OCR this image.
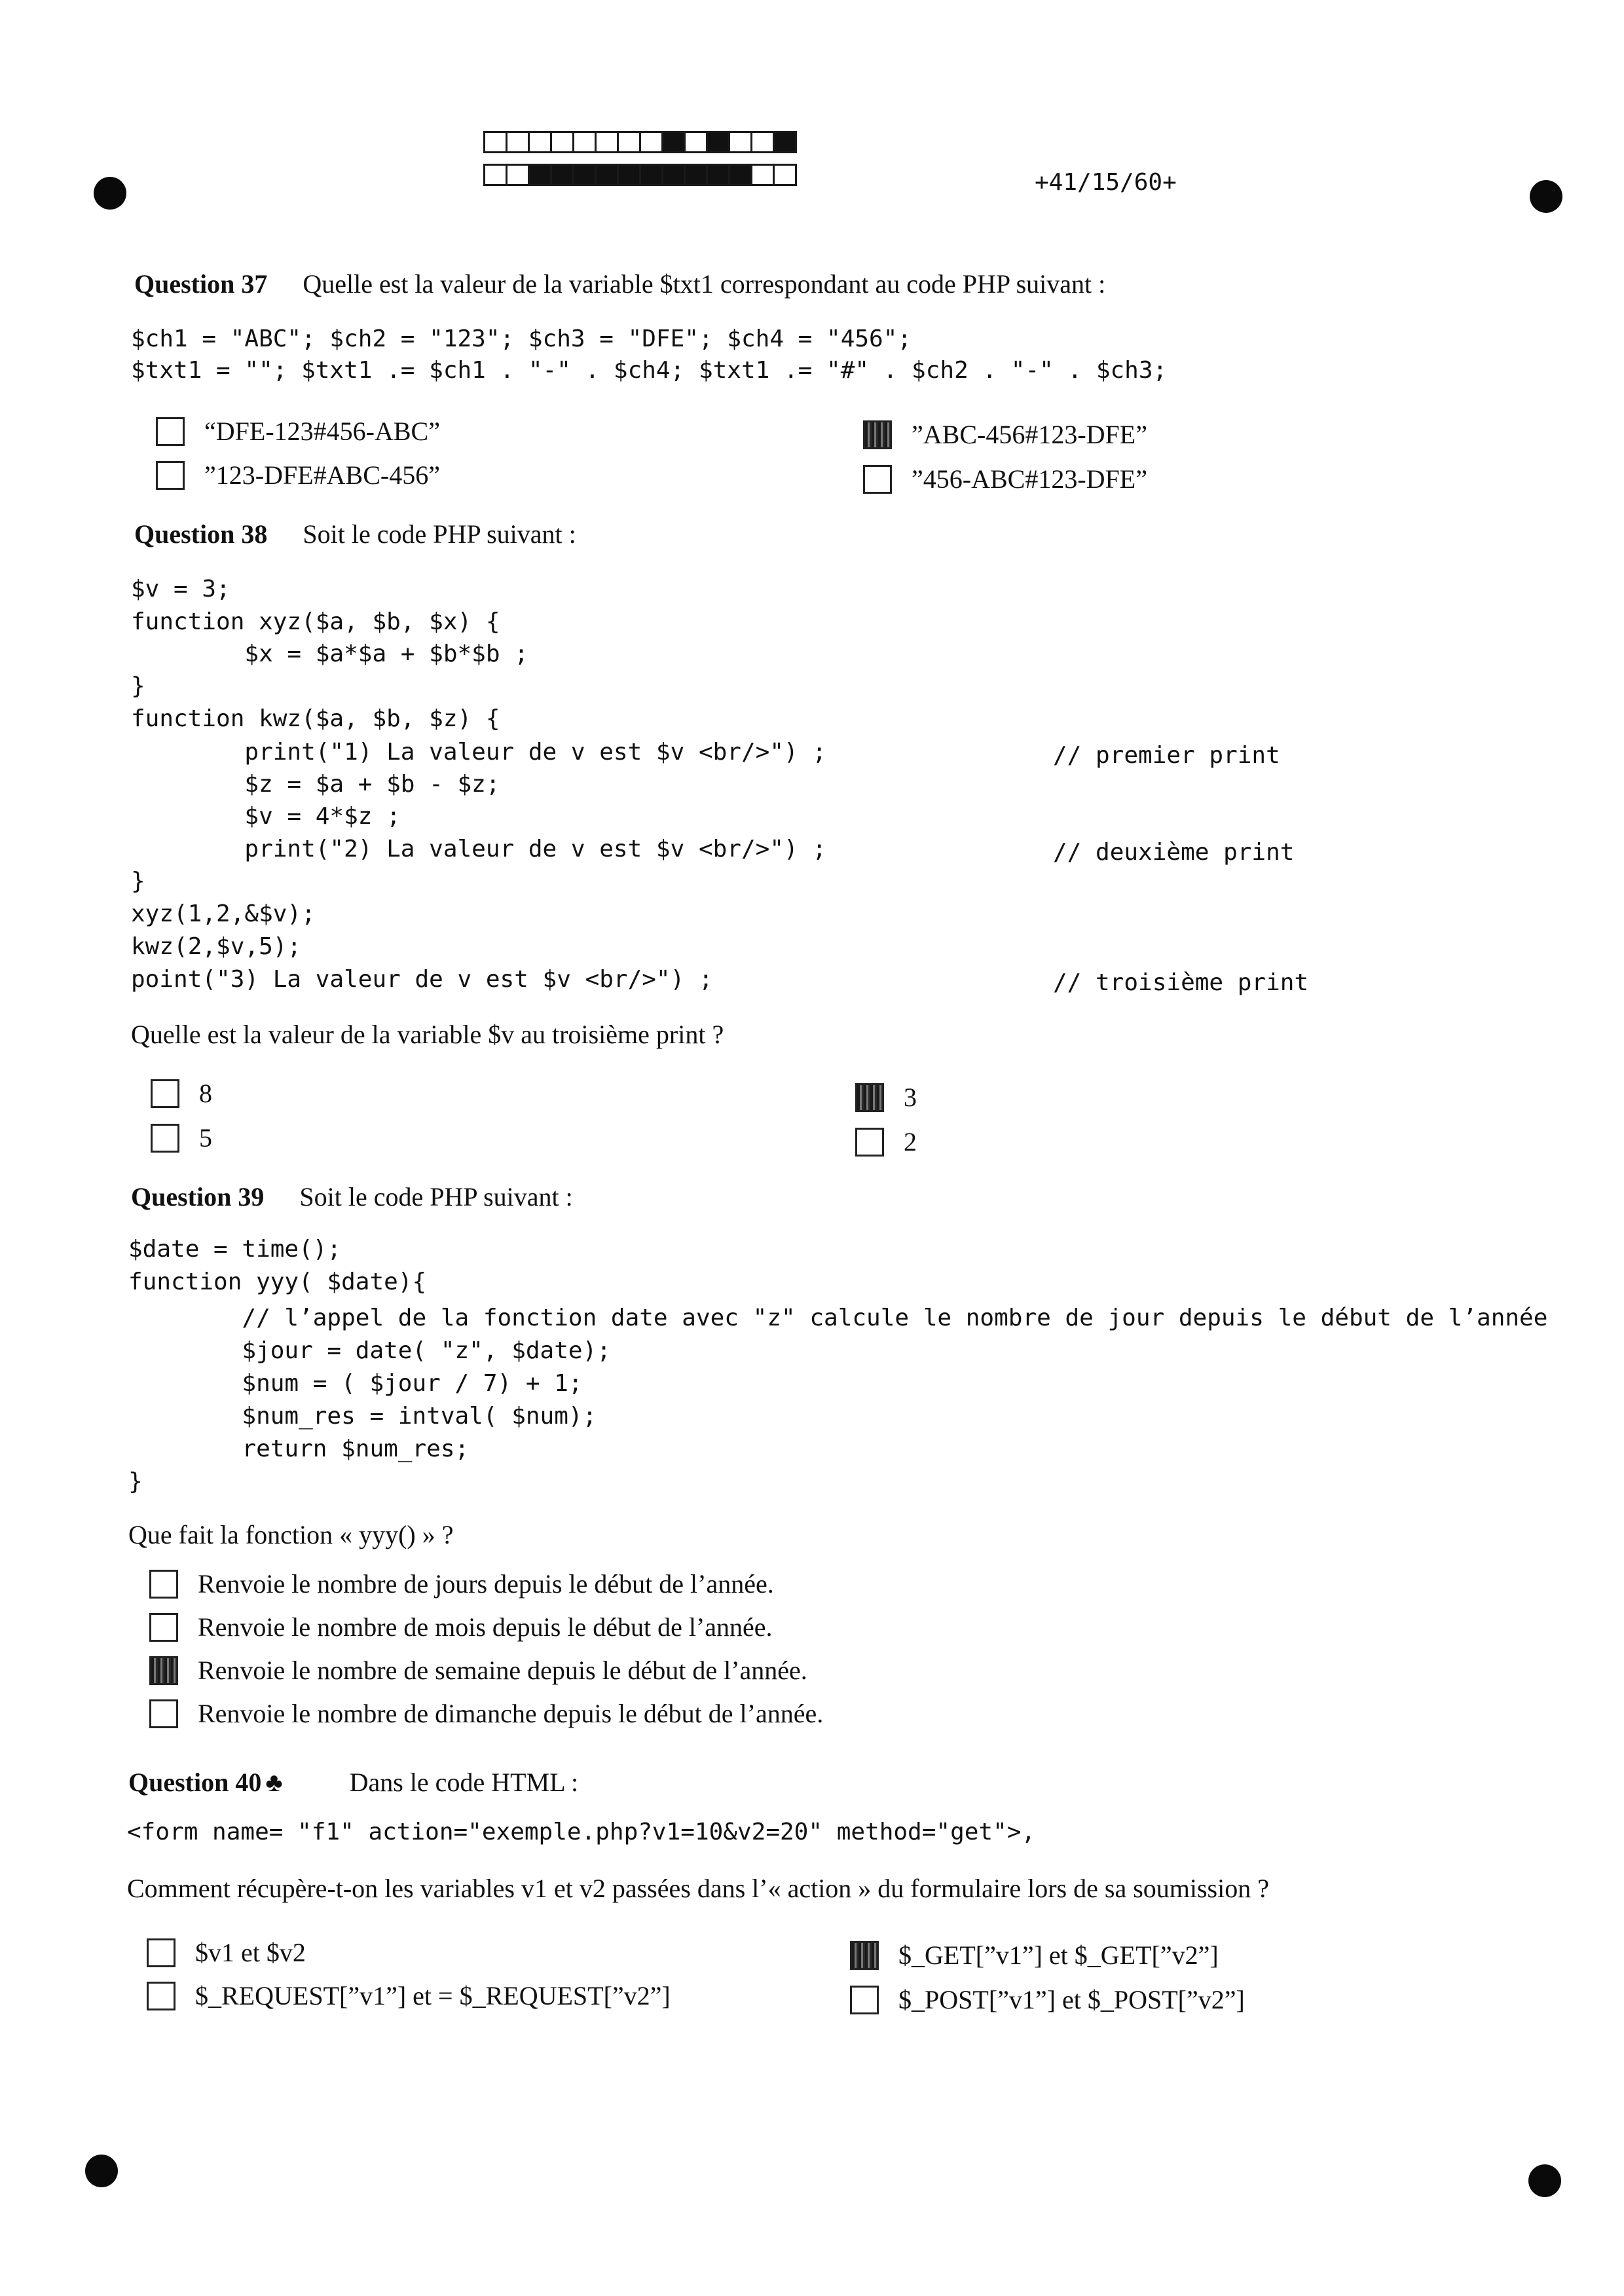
+41/15/60+
Question 37 Quelle est la valeur de la variable $txt1 correspondant au code PHP suivant :
$ch1 = "ABC"; $ch2 = "123"; $ch3 = "DFE"; $ch4 = "456";
$txt1 = ""; $txt1 .= $ch1 . "-" . $ch4; $txt1 .= "#" . $ch2 . "-" . $ch3;
“DFE-123#456-ABC”	”ABC-456#123-DFE”
”123-DFE#ABC-456”	”456-ABC#123-DFE”
Question 38 Soit le code PHP suivant :
$v = 3;
function xyz($a, $b, $x) {
$x = $a*$a + $b*$b ;
}
function kwz($a, $b, $z) {
print("1) La valeur de v est $v <br/>") ;
$z = $a + $b - $z;
$v = 4*$z ;
print("2) La valeur de v est $v <br/>") ;
}
xyz(1,2,&$v);
kwz(2,$v,5);
point("3) La valeur de v est $v <br/>") ;
// premier print
// deuxième print
// troisième print
Quelle est la valeur de la variable $v au troisième print ?
8	3
5	2
Question 39 Soit le code PHP suivant :
$date = time();
function yyy( $date){
// l’appel de la fonction date avec "z" calcule le nombre de jour depuis le début de l’année
$jour = date( "z", $date);
$num = ( $jour / 7) + 1;
$num_res = intval( $num);
return $num_res;
}
Que fait la fonction « yyy() » ?
Renvoie le nombre de jours depuis le début de l’année.
Renvoie le nombre de mois depuis le début de l’année.
Renvoie le nombre de semaine depuis le début de l’année.
Renvoie le nombre de dimanche depuis le début de l’année.
Question 40 ♣	Dans le code HTML :
<form name= "f1" action="exemple.php?v1=10&v2=20" method="get">,
Comment récupère-t-on les variables v1 et v2 passées dans l’« action » du formulaire lors de sa soumission ?
$v1 et $v2	$_GET[”v1”] et $_GET[”v2”]
$_REQUEST[”v1”] et = $_REQUEST[”v2”]	$_POST[”v1”] et $_POST[”v2”]
